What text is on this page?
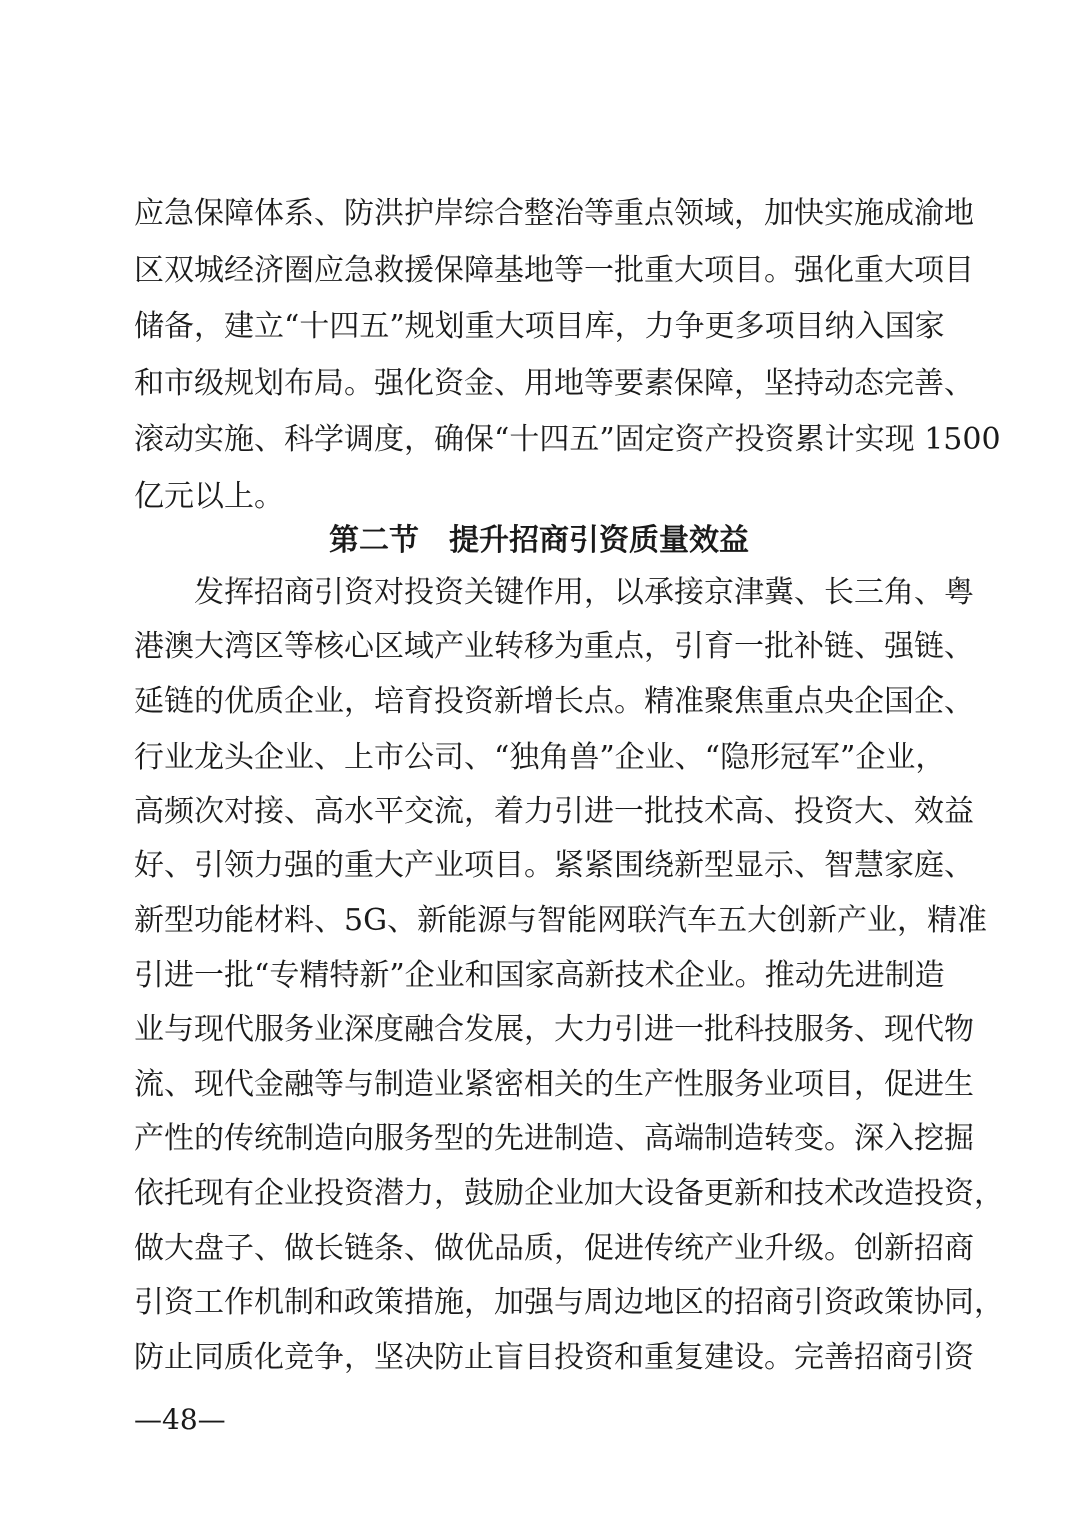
应急保障体系、防洪护岸综合整治等重点领域，加快实施成渝地
区双城经济圈应急救援保障基地等一批重大项目。强化重大项目
储备，建立“十四五”规划重大项目库，力争更多项目纳入国家
和市级规划布局。强化资金、用地等要素保障，坚持动态完善、
滚动实施、科学调度，确保“十四五”固定资产投资累计实现 1500
亿元以上。
第二节 提升招商引资质量效益
发挥招商引资对投资关键作用，以承接京津冀、长三角、粤
港澳大湾区等核心区域产业转移为重点，引育一批补链、强链、
延链的优质企业，培育投资新增长点。精准聚焦重点央企国企、
行业龙头企业、上市公司、“独角兽”企业、“隐形冠军”企业，
高频次对接、高水平交流，着力引进一批技术高、投资大、效益
好、引领力强的重大产业项目。紧紧围绕新型显示、智慧家庭、
新型功能材料、5G、新能源与智能网联汽车五大创新产业，精准
引进一批“专精特新”企业和国家高新技术企业。推动先进制造
业与现代服务业深度融合发展，大力引进一批科技服务、现代物
流、现代金融等与制造业紧密相关的生产性服务业项目，促进生
产性的传统制造向服务型的先进制造、高端制造转变。深入挖掘
依托现有企业投资潜力，鼓励企业加大设备更新和技术改造投资，
做大盘子、做长链条、做优品质，促进传统产业升级。创新招商
引资工作机制和政策措施，加强与周边地区的招商引资政策协同，
防止同质化竞争，坚决防止盲目投资和重复建设。完善招商引资
—48—
